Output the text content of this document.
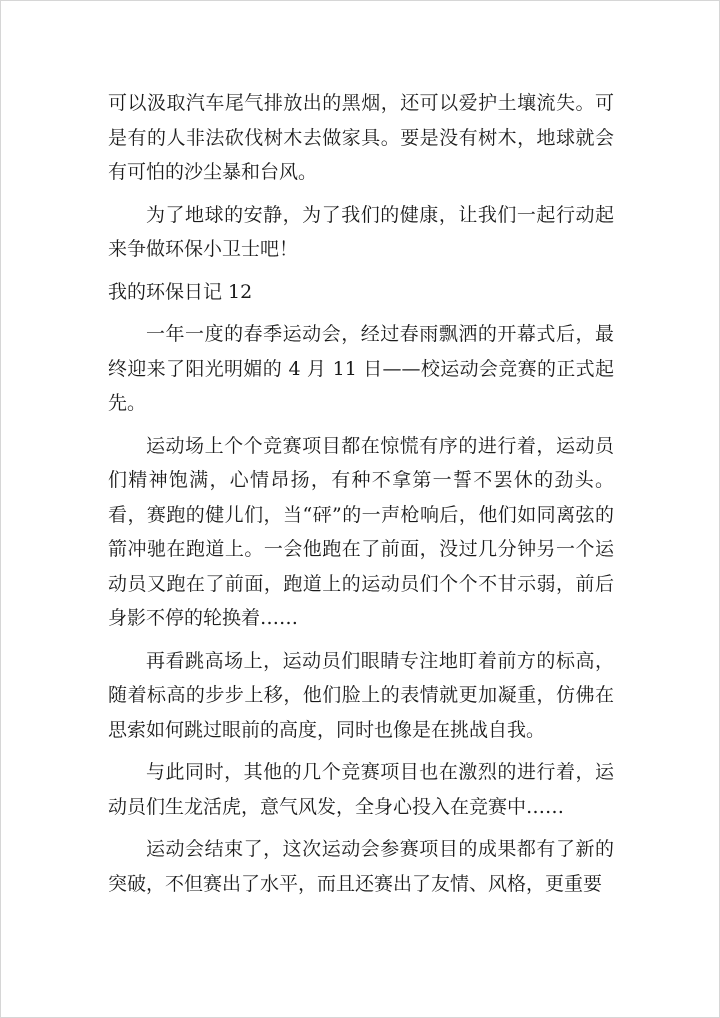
可以汲取汽车尾气排放出的黑烟，还可以爱护土壤流失。可是有的人非法砍伐树木去做家具。要是没有树木，地球就会有可怕的沙尘暴和台风。

为了地球的安静，为了我们的健康，让我们一起行动起来争做环保小卫士吧！

我的环保日记 12

一年一度的春季运动会，经过春雨飘洒的开幕式后，最终迎来了阳光明媚的 4 月 11 日——校运动会竞赛的正式起先。

运动场上个个竞赛项目都在惊慌有序的进行着，运动员们精神饱满，心情昂扬，有种不拿第一誓不罢休的劲头。看，赛跑的健儿们，当“砰”的一声枪响后，他们如同离弦的箭冲驰在跑道上。一会他跑在了前面，没过几分钟另一个运动员又跑在了前面，跑道上的运动员们个个不甘示弱，前后身影不停的轮换着……

再看跳高场上，运动员们眼睛专注地盯着前方的标高，随着标高的步步上移，他们脸上的表情就更加凝重，仿佛在思索如何跳过眼前的高度，同时也像是在挑战自我。

与此同时，其他的几个竞赛项目也在激烈的进行着，运动员们生龙活虎，意气风发，全身心投入在竞赛中……

运动会结束了，这次运动会参赛项目的成果都有了新的突破，不但赛出了水平，而且还赛出了友情、风格，更重要
